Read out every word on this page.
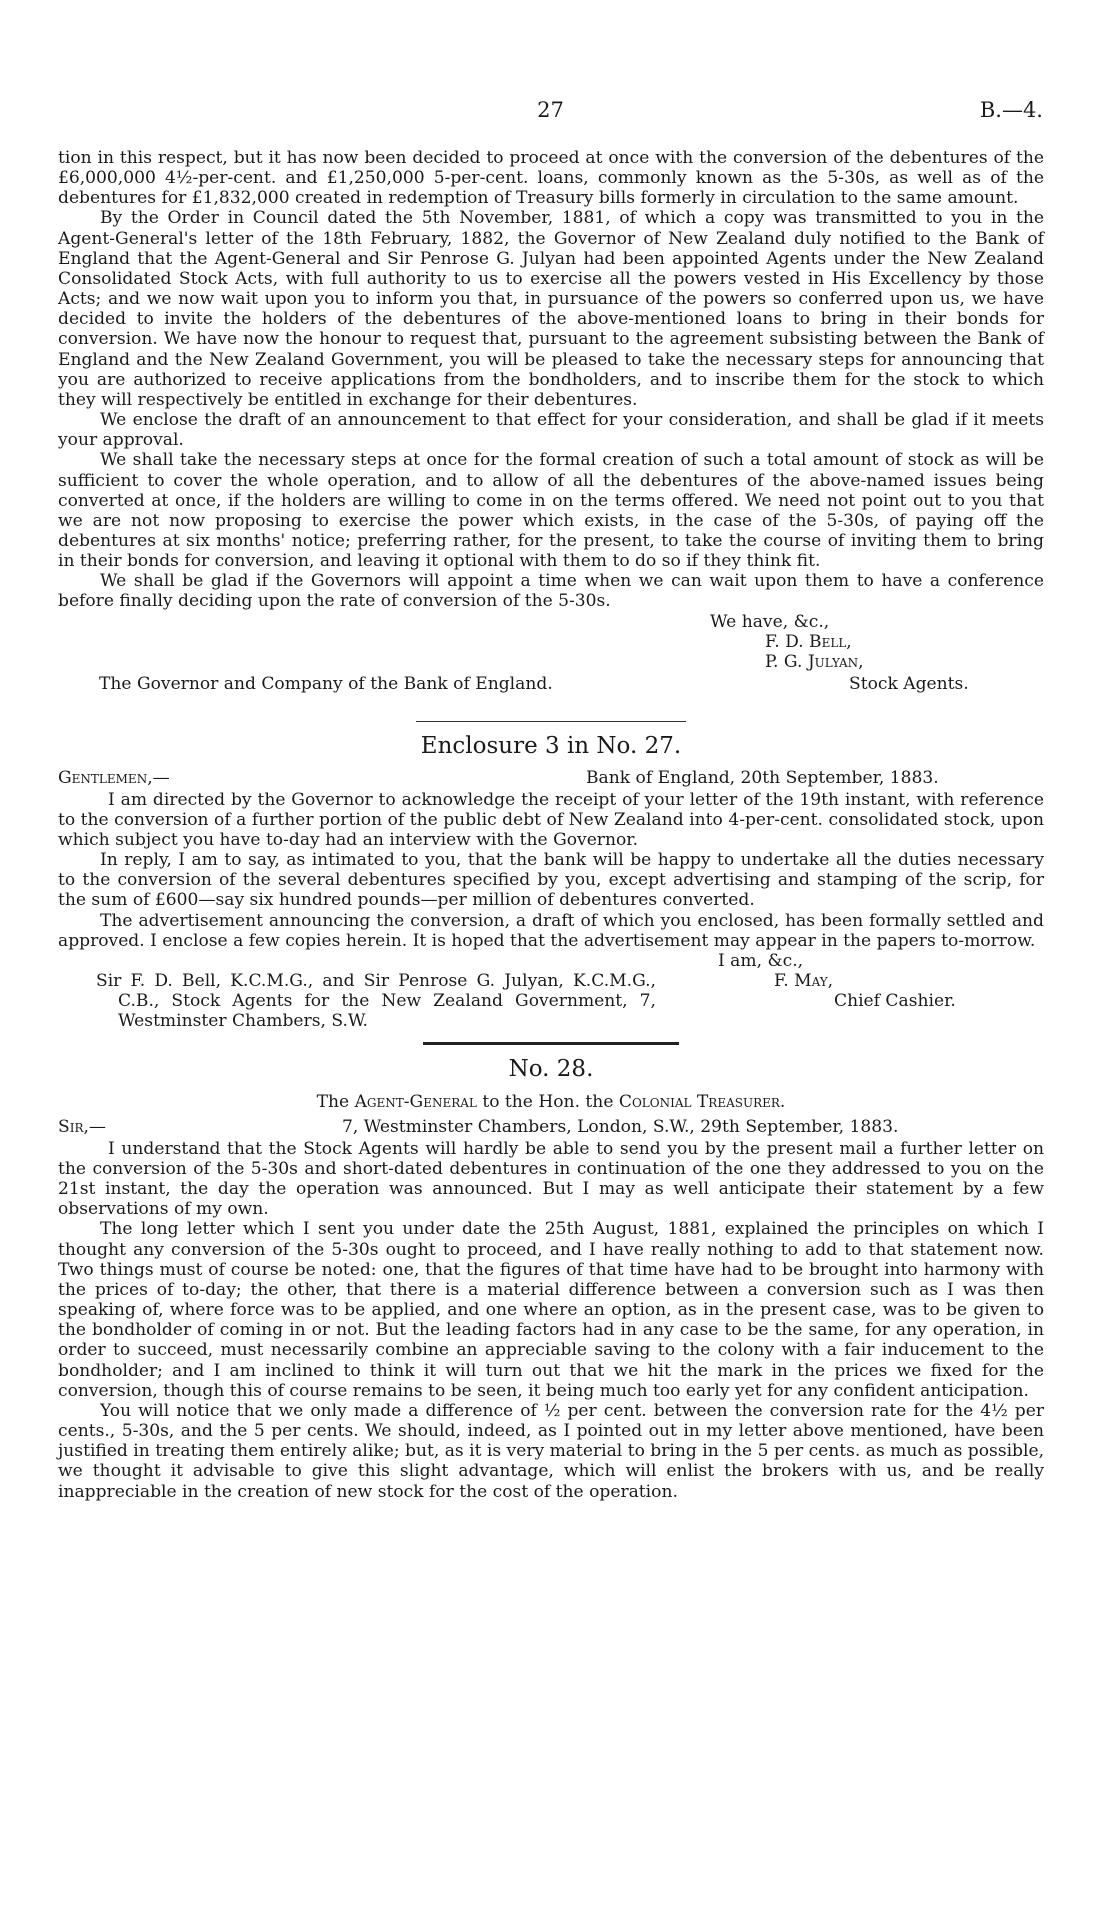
27	B.—4.

tion in this respect, but it has now been decided to proceed at once with the conversion of the debentures of the £6,000,000 4½-per-cent. and £1,250,000 5-per-cent. loans, commonly known as the 5-30s, as well as of the debentures for £1,832,000 created in redemption of Treasury bills formerly in circulation to the same amount.

By the Order in Council dated the 5th November, 1881, of which a copy was transmitted to you in the Agent-General's letter of the 18th February, 1882, the Governor of New Zealand duly notified to the Bank of England that the Agent-General and Sir Penrose G. Julyan had been appointed Agents under the New Zealand Consolidated Stock Acts, with full authority to us to exercise all the powers vested in His Excellency by those Acts; and we now wait upon you to inform you that, in pursuance of the powers so conferred upon us, we have decided to invite the holders of the debentures of the above-mentioned loans to bring in their bonds for conversion. We have now the honour to request that, pursuant to the agreement subsisting between the Bank of England and the New Zealand Government, you will be pleased to take the necessary steps for announcing that you are authorized to receive applications from the bondholders, and to inscribe them for the stock to which they will respectively be entitled in exchange for their debentures.

We enclose the draft of an announcement to that effect for your consideration, and shall be glad if it meets your approval.

We shall take the necessary steps at once for the formal creation of such a total amount of stock as will be sufficient to cover the whole operation, and to allow of all the debentures of the above-named issues being converted at once, if the holders are willing to come in on the terms offered. We need not point out to you that we are not now proposing to exercise the power which exists, in the case of the 5-30s, of paying off the debentures at six months' notice; preferring rather, for the present, to take the course of inviting them to bring in their bonds for conversion, and leaving it optional with them to do so if they think fit.

We shall be glad if the Governors will appoint a time when we can wait upon them to have a conference before finally deciding upon the rate of conversion of the 5-30s.

We have, &c.,
F. D. Bell,
P. G. Julyan,
The Governor and Company of the Bank of England.	Stock Agents.
Enclosure 3 in No. 27.
Gentlemen,—	Bank of England, 20th September, 1883.

I am directed by the Governor to acknowledge the receipt of your letter of the 19th instant, with reference to the conversion of a further portion of the public debt of New Zealand into 4-per-cent. consolidated stock, upon which subject you have to-day had an interview with the Governor.

In reply, I am to say, as intimated to you, that the bank will be happy to undertake all the duties necessary to the conversion of the several debentures specified by you, except advertising and stamping of the scrip, for the sum of £600—say six hundred pounds—per million of debentures converted.

The advertisement announcing the conversion, a draft of which you enclosed, has been formally settled and approved. I enclose a few copies herein. It is hoped that the advertisement may appear in the papers to-morrow.

I am, &c.,
F. May,
Chief Cashier.
Sir F. D. Bell, K.C.M.G., and Sir Penrose G. Julyan, K.C.M.G., C.B., Stock Agents for the New Zealand Government, 7, Westminster Chambers, S.W.
No. 28.
The Agent-General to the Hon. the Colonial Treasurer.
Sir,—	7, Westminster Chambers, London, S.W., 29th September, 1883.

I understand that the Stock Agents will hardly be able to send you by the present mail a further letter on the conversion of the 5-30s and short-dated debentures in continuation of the one they addressed to you on the 21st instant, the day the operation was announced. But I may as well anticipate their statement by a few observations of my own.

The long letter which I sent you under date the 25th August, 1881, explained the principles on which I thought any conversion of the 5-30s ought to proceed, and I have really nothing to add to that statement now. Two things must of course be noted: one, that the figures of that time have had to be brought into harmony with the prices of to-day; the other, that there is a material difference between a conversion such as I was then speaking of, where force was to be applied, and one where an option, as in the present case, was to be given to the bondholder of coming in or not. But the leading factors had in any case to be the same, for any operation, in order to succeed, must necessarily combine an appreciable saving to the colony with a fair inducement to the bondholder; and I am inclined to think it will turn out that we hit the mark in the prices we fixed for the conversion, though this of course remains to be seen, it being much too early yet for any confident anticipation.

You will notice that we only made a difference of ½ per cent. between the conversion rate for the 4½ per cents., 5-30s, and the 5 per cents. We should, indeed, as I pointed out in my letter above mentioned, have been justified in treating them entirely alike; but, as it is very material to bring in the 5 per cents. as much as possible, we thought it advisable to give this slight advantage, which will enlist the brokers with us, and be really inappreciable in the creation of new stock for the cost of the operation.
